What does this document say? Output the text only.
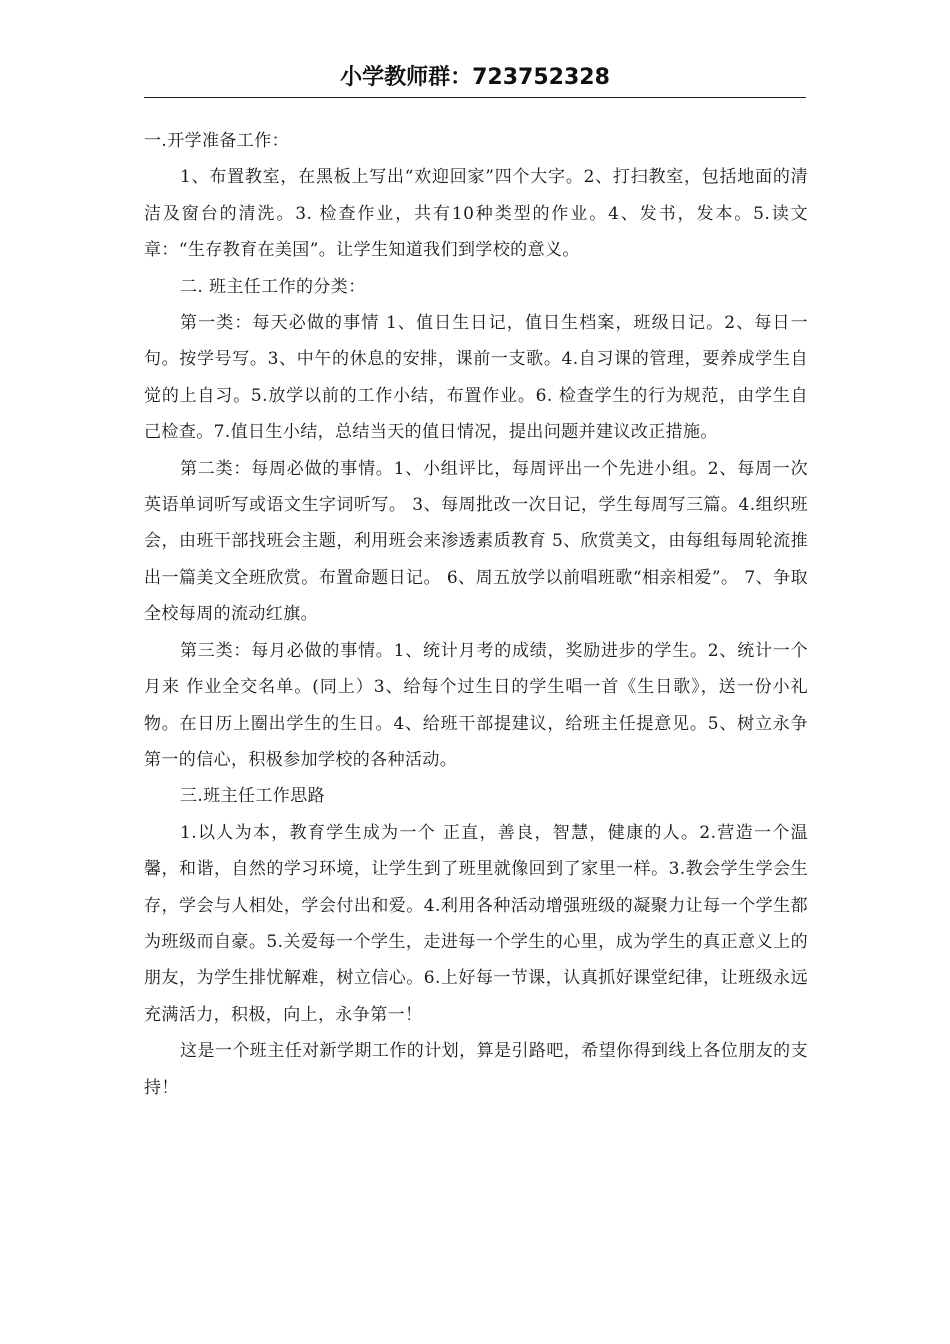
小学教师群：723752328

一.开学准备工作：

1、布置教室，在黑板上写出“欢迎回家”四个大字。2、打扫教室，包括地面的清洁及窗台的清洗。3. 检查作业，共有10种类型的作业。4、发书，发本。5.读文章：“生存教育在美国”。让学生知道我们到学校的意义。

二. 班主任工作的分类：

第一类：每天必做的事情 1、值日生日记，值日生档案，班级日记。2、每日一句。按学号写。3、中午的休息的安排，课前一支歌。4.自习课的管理，要养成学生自觉的上自习。5.放学以前的工作小结，布置作业。6. 检查学生的行为规范，由学生自己检查。7.值日生小结，总结当天的值日情况，提出问题并建议改正措施。

第二类：每周必做的事情。1、小组评比，每周评出一个先进小组。2、每周一次英语单词听写或语文生字词听写。 3、每周批改一次日记，学生每周写三篇。4.组织班会，由班干部找班会主题，利用班会来渗透素质教育 5、欣赏美文，由每组每周轮流推出一篇美文全班欣赏。布置命题日记。 6、周五放学以前唱班歌“相亲相爱”。 7、争取全校每周的流动红旗。

第三类：每月必做的事情。1、统计月考的成绩，奖励进步的学生。2、统计一个月来 作业全交名单。(同上）3、给每个过生日的学生唱一首《生日歌》，送一份小礼物。在日历上圈出学生的生日。4、给班干部提建议，给班主任提意见。5、树立永争第一的信心，积极参加学校的各种活动。

三.班主任工作思路

1.以人为本，教育学生成为一个 正直，善良，智慧，健康的人。2.营造一个温馨，和谐，自然的学习环境，让学生到了班里就像回到了家里一样。3.教会学生学会生存，学会与人相处，学会付出和爱。4.利用各种活动增强班级的凝聚力让每一个学生都为班级而自豪。5.关爱每一个学生，走进每一个学生的心里，成为学生的真正意义上的朋友，为学生排忧解难，树立信心。6.上好每一节课，认真抓好课堂纪律，让班级永远充满活力，积极，向上，永争第一！

这是一个班主任对新学期工作的计划，算是引路吧，希望你得到线上各位朋友的支持！
